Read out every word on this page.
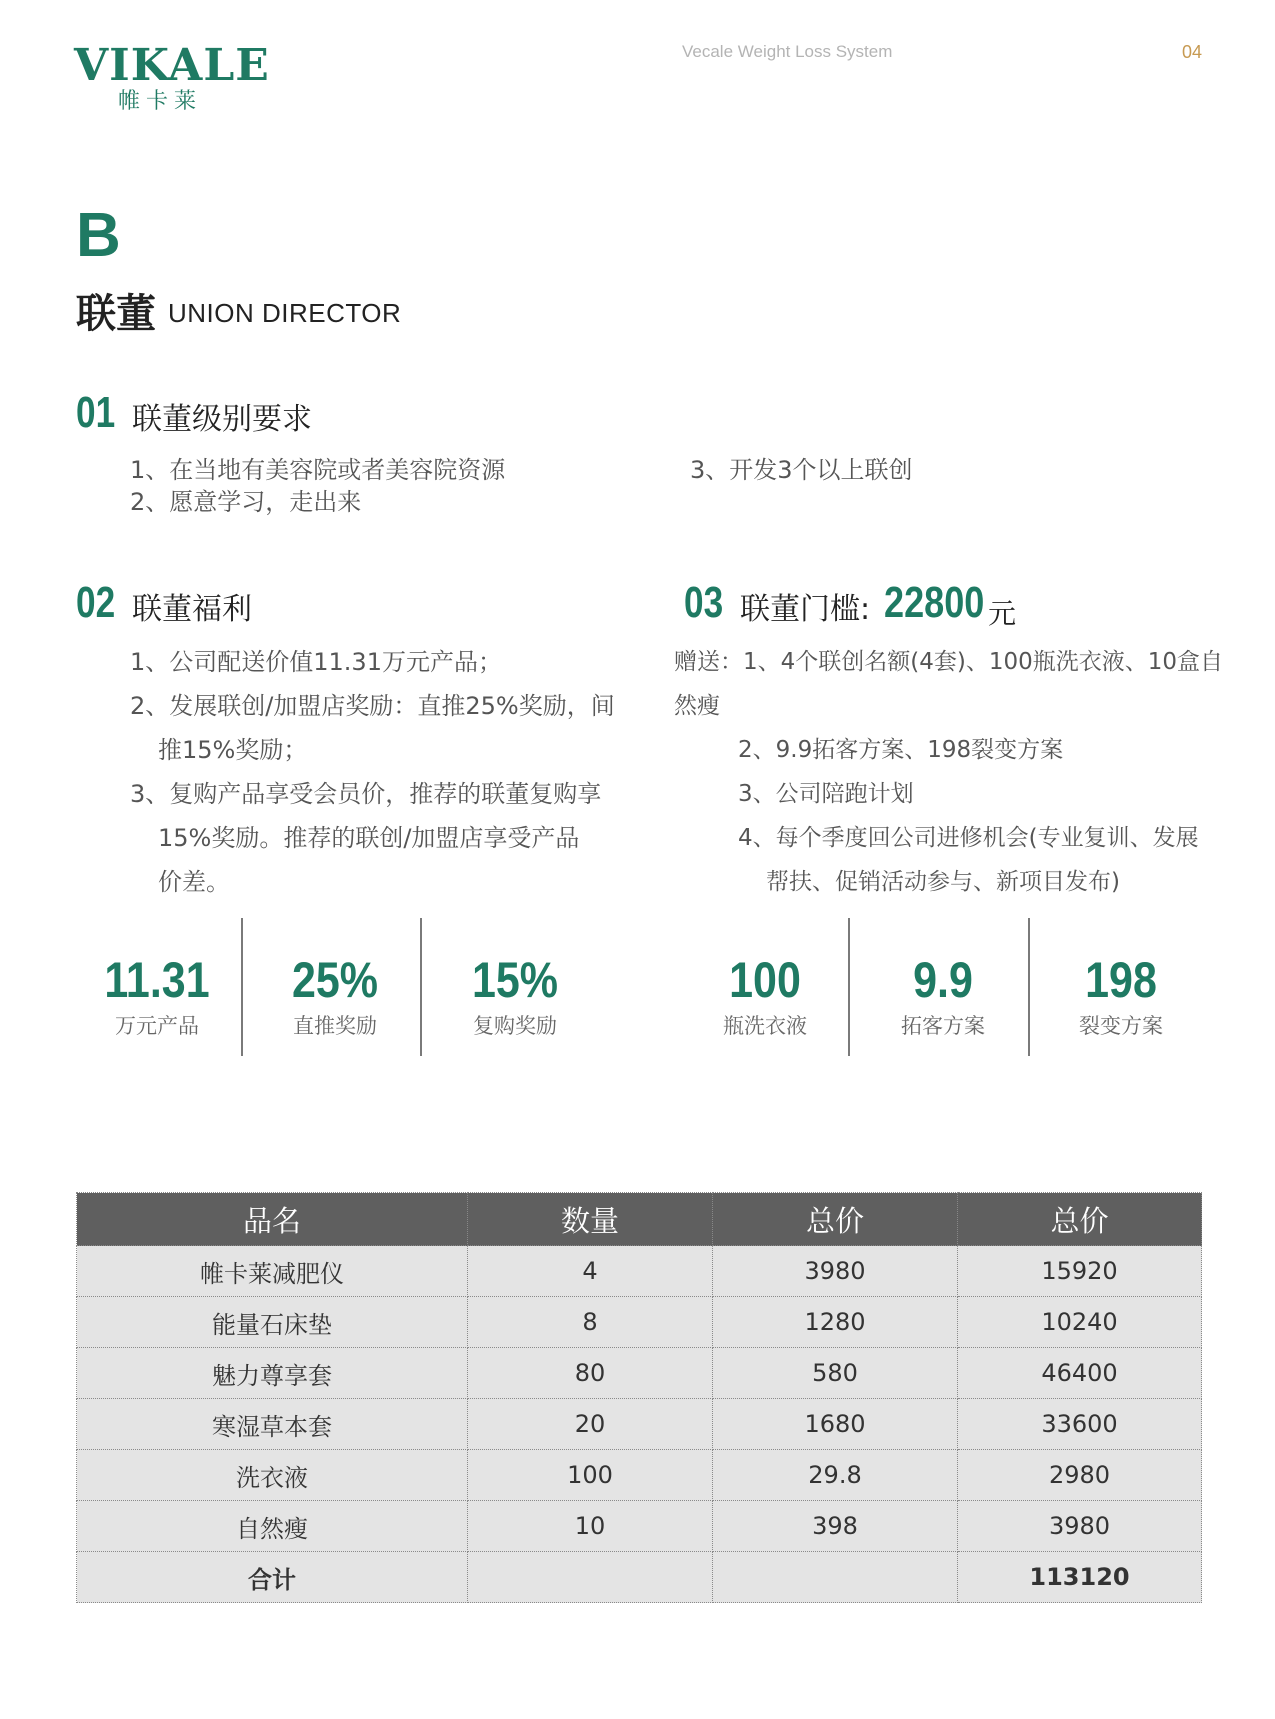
VIKALE
帷卡莱
Vecale Weight Loss System	04
B
联董 UNION DIRECTOR
01 联董级别要求
1、在当地有美容院或者美容院资源
2、愿意学习，走出来
3、开发3个以上联创
02 联董福利
1、公司配送价值11.31万元产品；
2、发展联创/加盟店奖励：直推25%奖励，间
推15%奖励；
3、复购产品享受会员价，推荐的联董复购享
15%奖励。推荐的联创/加盟店享受产品
价差。
03 联董门槛: 22800 元
赠送：1、4个联创名额(4套)、100瓶洗衣液、10盒自然瘦
2、9.9拓客方案、198裂变方案
3、公司陪跑计划
4、每个季度回公司进修机会(专业复训、发展
帮扶、促销活动参与、新项目发布)
11.31
万元产品
25%
直推奖励
15%
复购奖励
100
瓶洗衣液
9.9
拓客方案
198
裂变方案
品名	数量	总价	总价
帷卡莱减肥仪	4	3980	15920
能量石床垫	8	1280	10240
魅力尊享套	80	580	46400
寒湿草本套	20	1680	33600
洗衣液	100	29.8	2980
自然瘦	10	398	3980
合计			113120
